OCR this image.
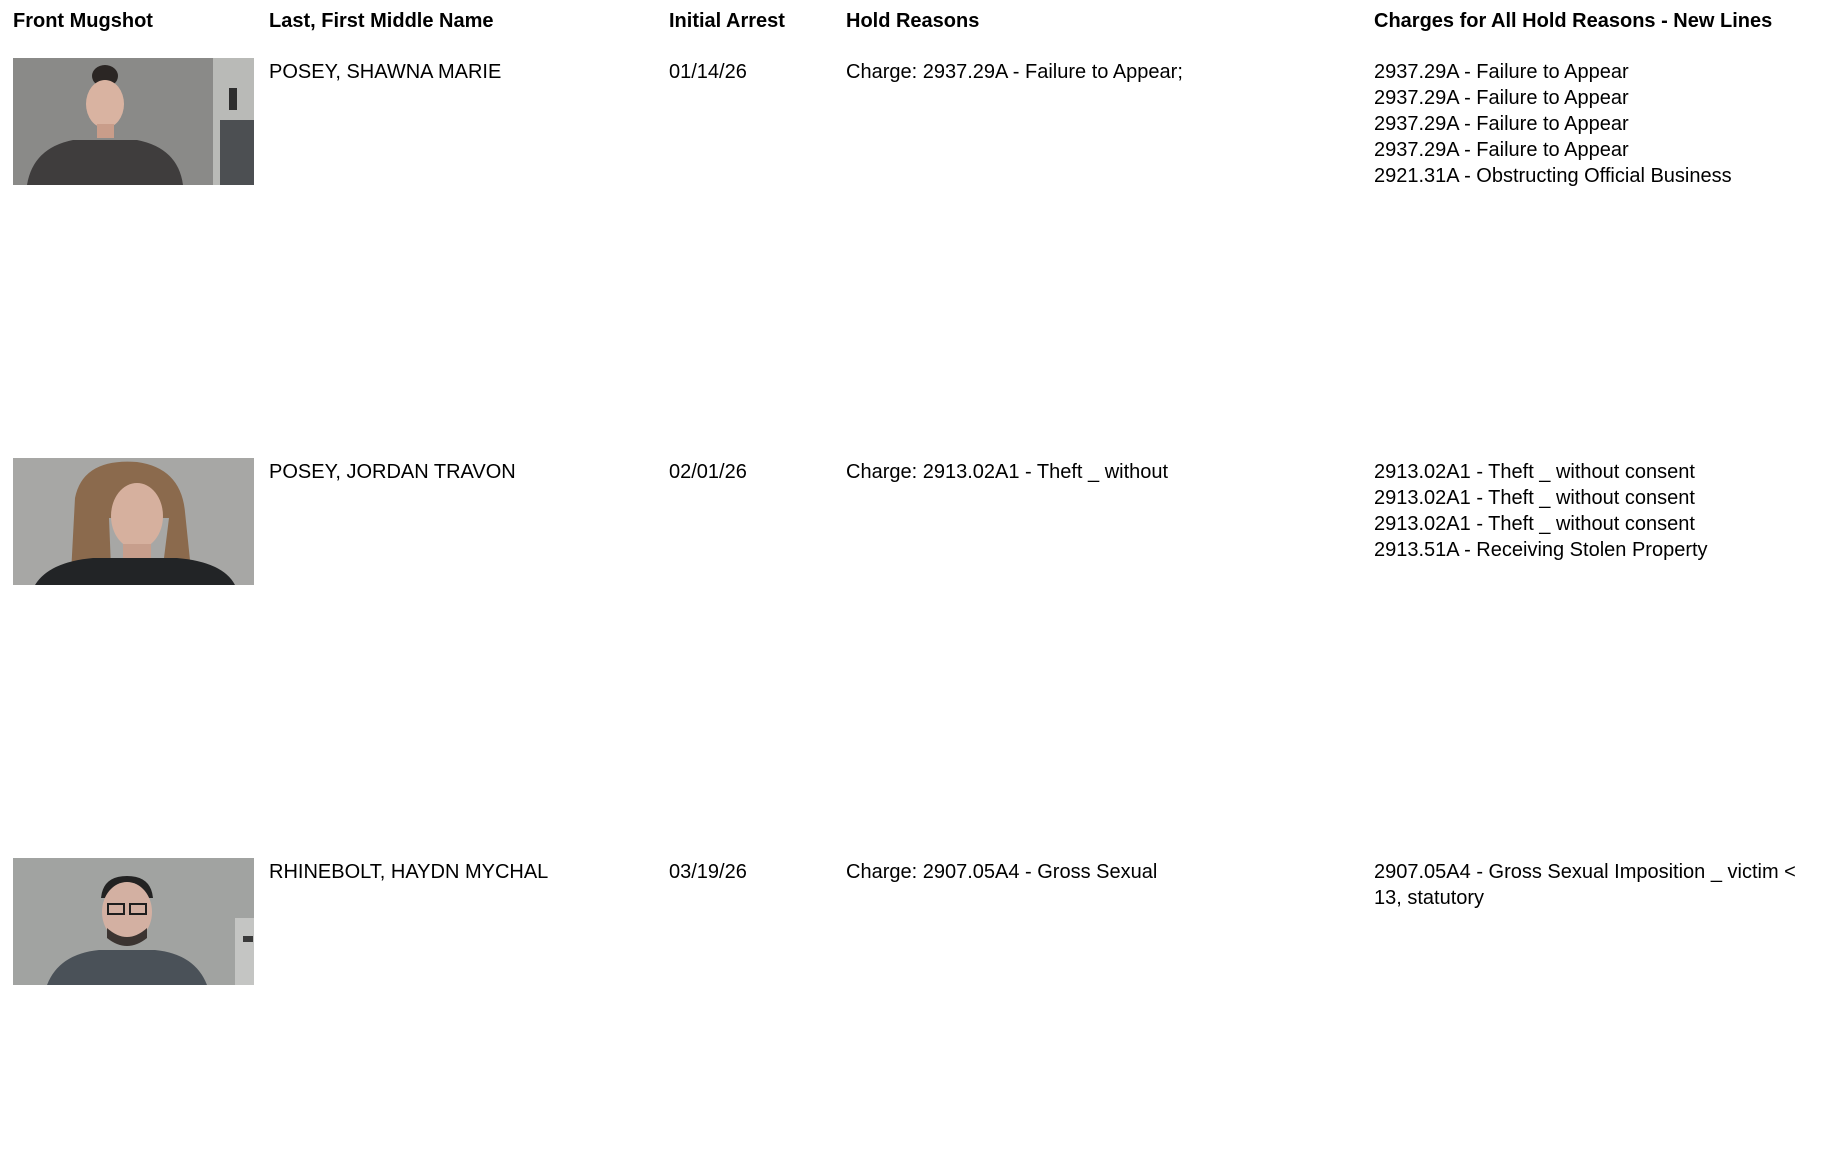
Front Mugshot	Last, First Middle Name	Initial Arrest	Hold Reasons	Charges for All Hold Reasons - New Lines
POSEY, SHAWNA MARIE	01/14/26	Charge: 2937.29A - Failure to Appear;	2937.29A - Failure to Appear
2937.29A - Failure to Appear
2937.29A - Failure to Appear
2937.29A - Failure to Appear
2921.31A - Obstructing Official Business
POSEY, JORDAN TRAVON	02/01/26	Charge: 2913.02A1 - Theft _ without	2913.02A1 - Theft _ without consent
2913.02A1 - Theft _ without consent
2913.02A1 - Theft _ without consent
2913.51A - Receiving Stolen Property
RHINEBOLT, HAYDN MYCHAL	03/19/26	Charge: 2907.05A4 - Gross Sexual	2907.05A4 - Gross Sexual Imposition _ victim < 13, statutory
